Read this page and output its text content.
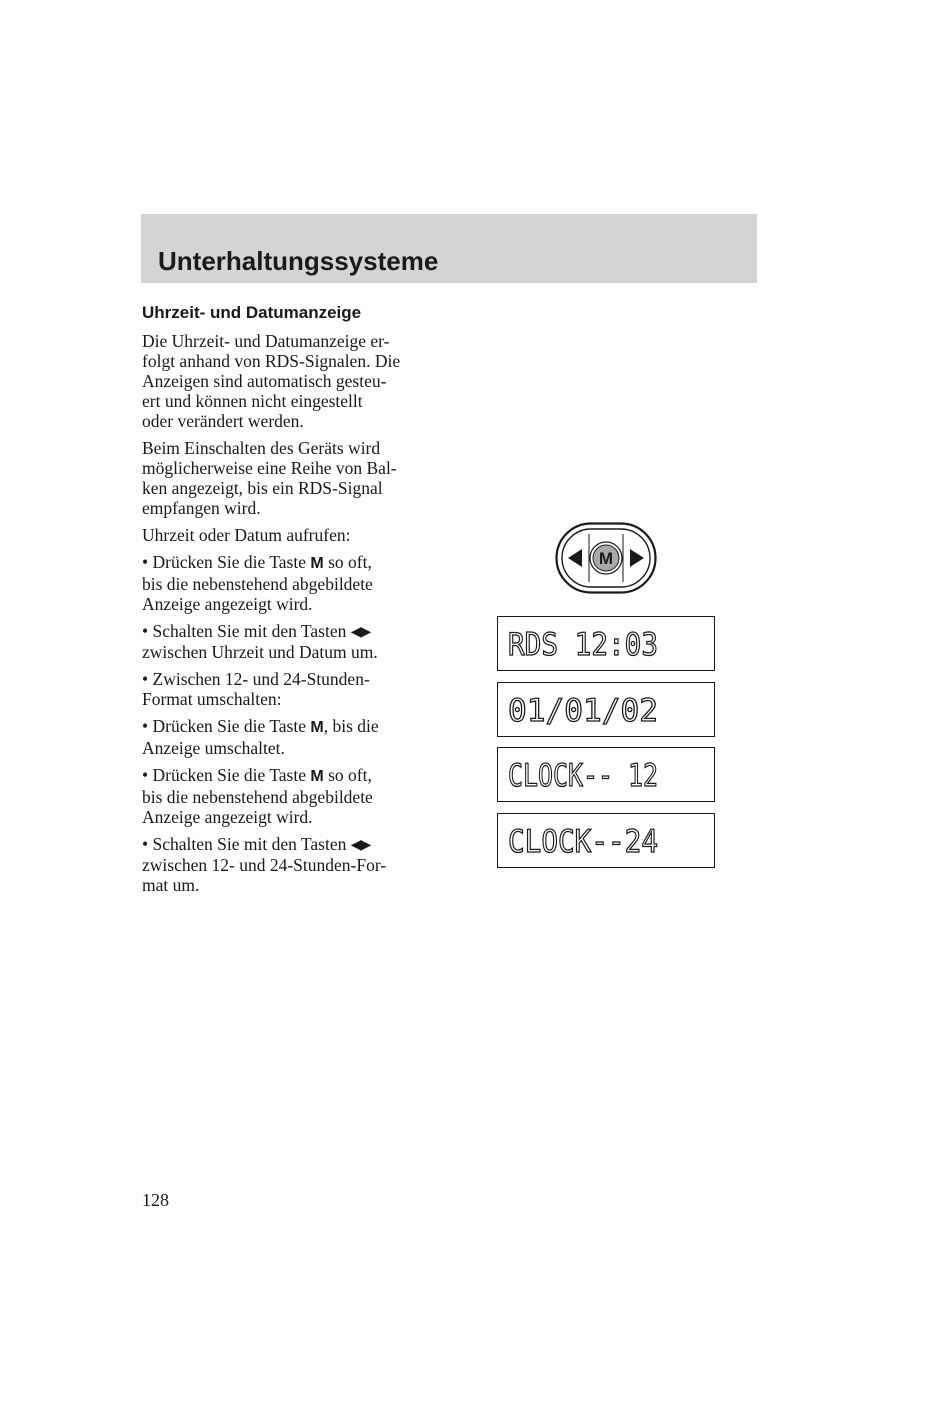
Unterhaltungssysteme
Uhrzeit- und Datumanzeige

Die Uhrzeit- und Datumanzeige er-
folgt anhand von RDS-Signalen. Die
Anzeigen sind automatisch gesteu-
ert und können nicht eingestellt
oder verändert werden.

Beim Einschalten des Geräts wird
möglicherweise eine Reihe von Bal-
ken angezeigt, bis ein RDS-Signal
empfangen wird.

Uhrzeit oder Datum aufrufen:

• Drücken Sie die Taste M so oft,
bis die nebenstehend abgebildete
Anzeige angezeigt wird.

• Schalten Sie mit den Tasten ◀▶
zwischen Uhrzeit und Datum um.

• Zwischen 12- und 24-Stunden-
Format umschalten:

• Drücken Sie die Taste M, bis die
Anzeige umschaltet.

• Drücken Sie die Taste M so oft,
bis die nebenstehend abgebildete
Anzeige angezeigt wird.

• Schalten Sie mit den Tasten ◀▶
zwischen 12- und 24-Stunden-For-
mat um.

M
RDS 12:03
01/01/02
CLOCK-- 12
CLOCK--24
128
